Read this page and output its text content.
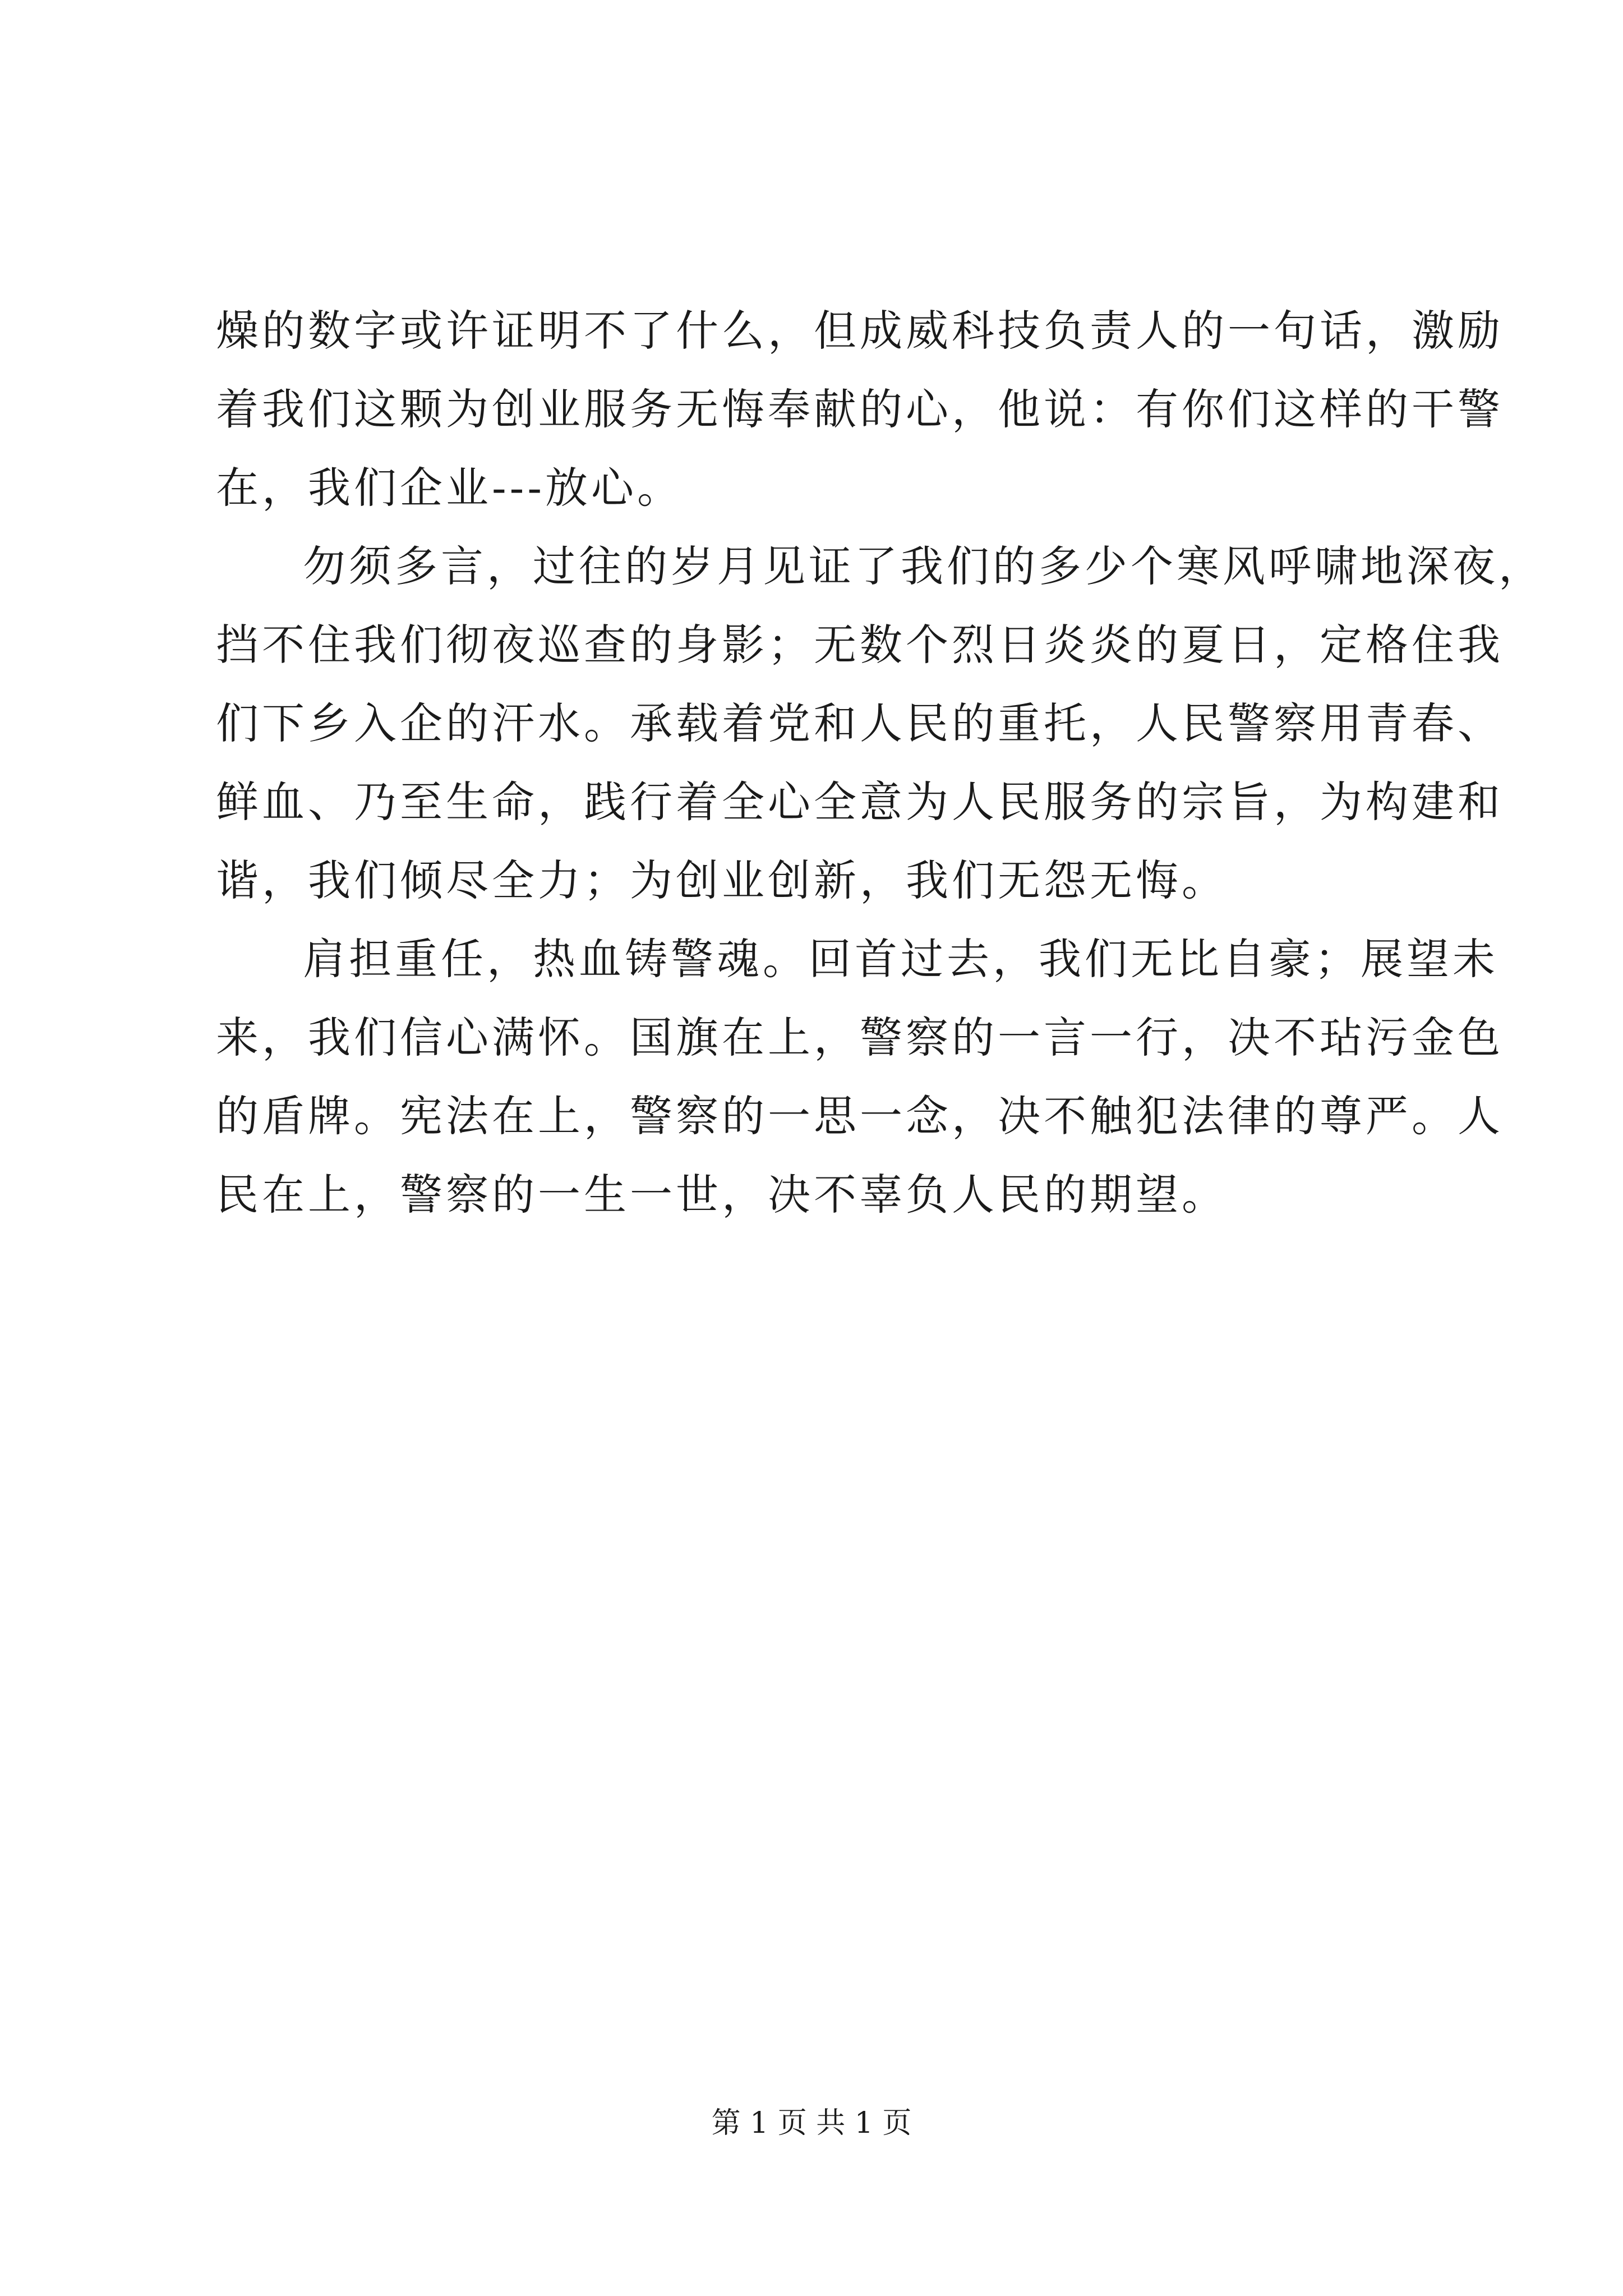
燥的数字或许证明不了什么，但成威科技负责人的一句话，激励
着我们这颗为创业服务无悔奉献的心，他说：有你们这样的干警
在，我们企业---放心。

勿须多言，过往的岁月见证了我们的多少个寒风呼啸地深夜，
挡不住我们彻夜巡查的身影；无数个烈日炎炎的夏日，定格住我
们下乡入企的汗水。承载着党和人民的重托，人民警察用青春、
鲜血、乃至生命，践行着全心全意为人民服务的宗旨，为构建和
谐，我们倾尽全力；为创业创新，我们无怨无悔。

肩担重任，热血铸警魂。回首过去，我们无比自豪；展望未
来，我们信心满怀。国旗在上，警察的一言一行，决不玷污金色
的盾牌。宪法在上，警察的一思一念，决不触犯法律的尊严。人
民在上，警察的一生一世，决不辜负人民的期望。

第 1 页 共 1 页
